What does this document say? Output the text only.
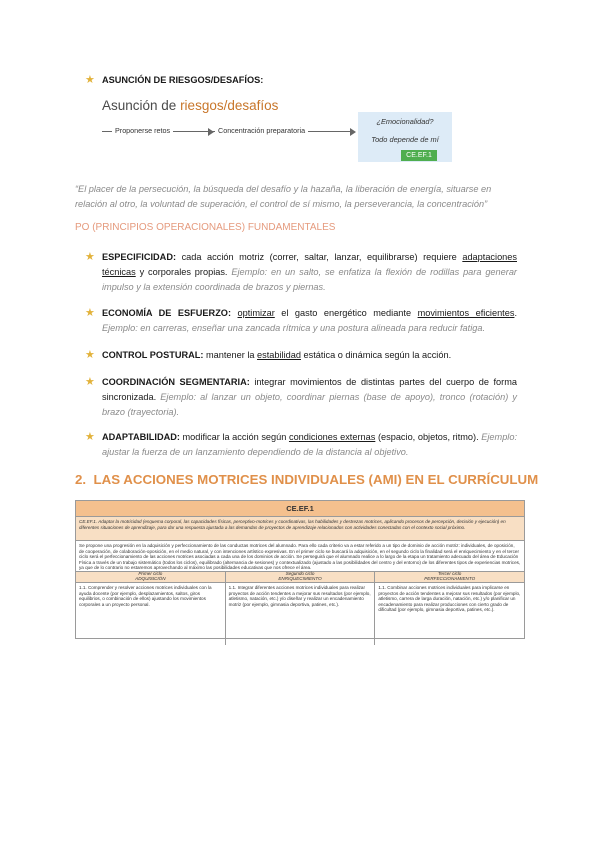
★ ASUNCIÓN DE RIESGOS/DESAFÍOS:
Asunción de riesgos/desafíos
Proponerse retos	Concentración preparatoria
¿Emocionalidad?
Todo depende de mí
CE.EF.1
“El placer de la persecución, la búsqueda del desafío y la hazaña, la liberación de energía, situarse en relación al otro, la voluntad de superación, el control de sí mismo, la perseverancia, la concentración”
PO (PRINCIPIOS OPERACIONALES) FUNDAMENTALES
★ ESPECIFICIDAD: cada acción motriz (correr, saltar, lanzar, equilibrarse) requiere adaptaciones técnicas y corporales propias. Ejemplo: en un salto, se enfatiza la flexión de rodillas para generar impulso y la extensión coordinada de brazos y piernas.
★ ECONOMÍA DE ESFUERZO: optimizar el gasto energético mediante movimientos eficientes. Ejemplo: en carreras, enseñar una zancada rítmica y una postura alineada para reducir fatiga.
★ CONTROL POSTURAL: mantener la estabilidad estática o dinámica según la acción.
★ COORDINACIÓN SEGMENTARIA: integrar movimientos de distintas partes del cuerpo de forma sincronizada. Ejemplo: al lanzar un objeto, coordinar piernas (base de apoyo), tronco (rotación) y brazo (trayectoria).
★ ADAPTABILIDAD: modificar la acción según condiciones externas (espacio, objetos, ritmo). Ejemplo: ajustar la fuerza de un lanzamiento dependiendo de la distancia al objetivo.
2. LAS ACCIONES MOTRICES INDIVIDUALES (AMI) EN EL CURRÍCULUM
CE.EF.1
CE.EF.1. Adaptar la motricidad (esquema corporal, las capacidades físicas, perceptivo-motrices y coordinativas, las habilidades y destrezas motrices, aplicando procesos de percepción, decisión y ejecución) en diferentes situaciones de aprendizaje, para dar una respuesta ajustada a las demandas de proyectos de aprendizaje relacionados con actividades conectadas con el contexto social próximo.
Se propone una progresión en la adquisición y perfeccionamiento de las conductas motrices del alumnado. Para ello cada criterio va a estar referido a un tipo de dominio de acción motriz: individuales, de oposición, de cooperación, de colaboración-oposición, en el medio natural, y con intenciones artístico expresivas. En el primer ciclo se buscará la adquisición, en el segundo ciclo la finalidad será el enriquecimiento y en el tercer ciclo será el perfeccionamiento de las acciones motrices asociadas a cada una de los dominios de acción. Se perseguirá que el alumnado realice a lo largo de la etapa un tratamiento adecuado del área de Educación Física a través de un trabajo sistemático (todos los ciclos), equilibrado (alternancia de sesiones) y contextualizado (ajustado a las posibilidades del centro y del entorno) de los diferentes tipos de experiencias motrices, ya que de lo contrario no estaremos aprovechando al máximo las posibilidades educativas que nos ofrece el área.
Primer ciclo
ADQUISICIÓN
Segundo ciclo
ENRIQUECIMIENTO
Tercer ciclo
PERFECCIONAMIENTO
1.1. Comprender y resolver acciones motrices individuales con la ayuda docente (por ejemplo, desplazamientos, saltos, giros equilibrios, o combinación de ellos) ajustando los movimientos corporales a un proyecto personal.
1.1. Integrar diferentes acciones motrices individuales para realizar proyectos de acción tendentes a mejorar sus resultados (por ejemplo, atletismo, natación, etc.) y/o diseñar y realizar un encadenamiento motriz (por ejemplo, gimnasia deportiva, patines, etc.).
1.1. Combinar acciones motrices individuales para implicarse en proyectos de acción tendentes a mejorar sus resultados (por ejemplo, atletismo, carrera de larga duración, natación, etc.) y/o planificar un encadenamiento para realizar producciones con cierto grado de dificultad (por ejemplo, gimnasia deportiva, patines, etc.).
